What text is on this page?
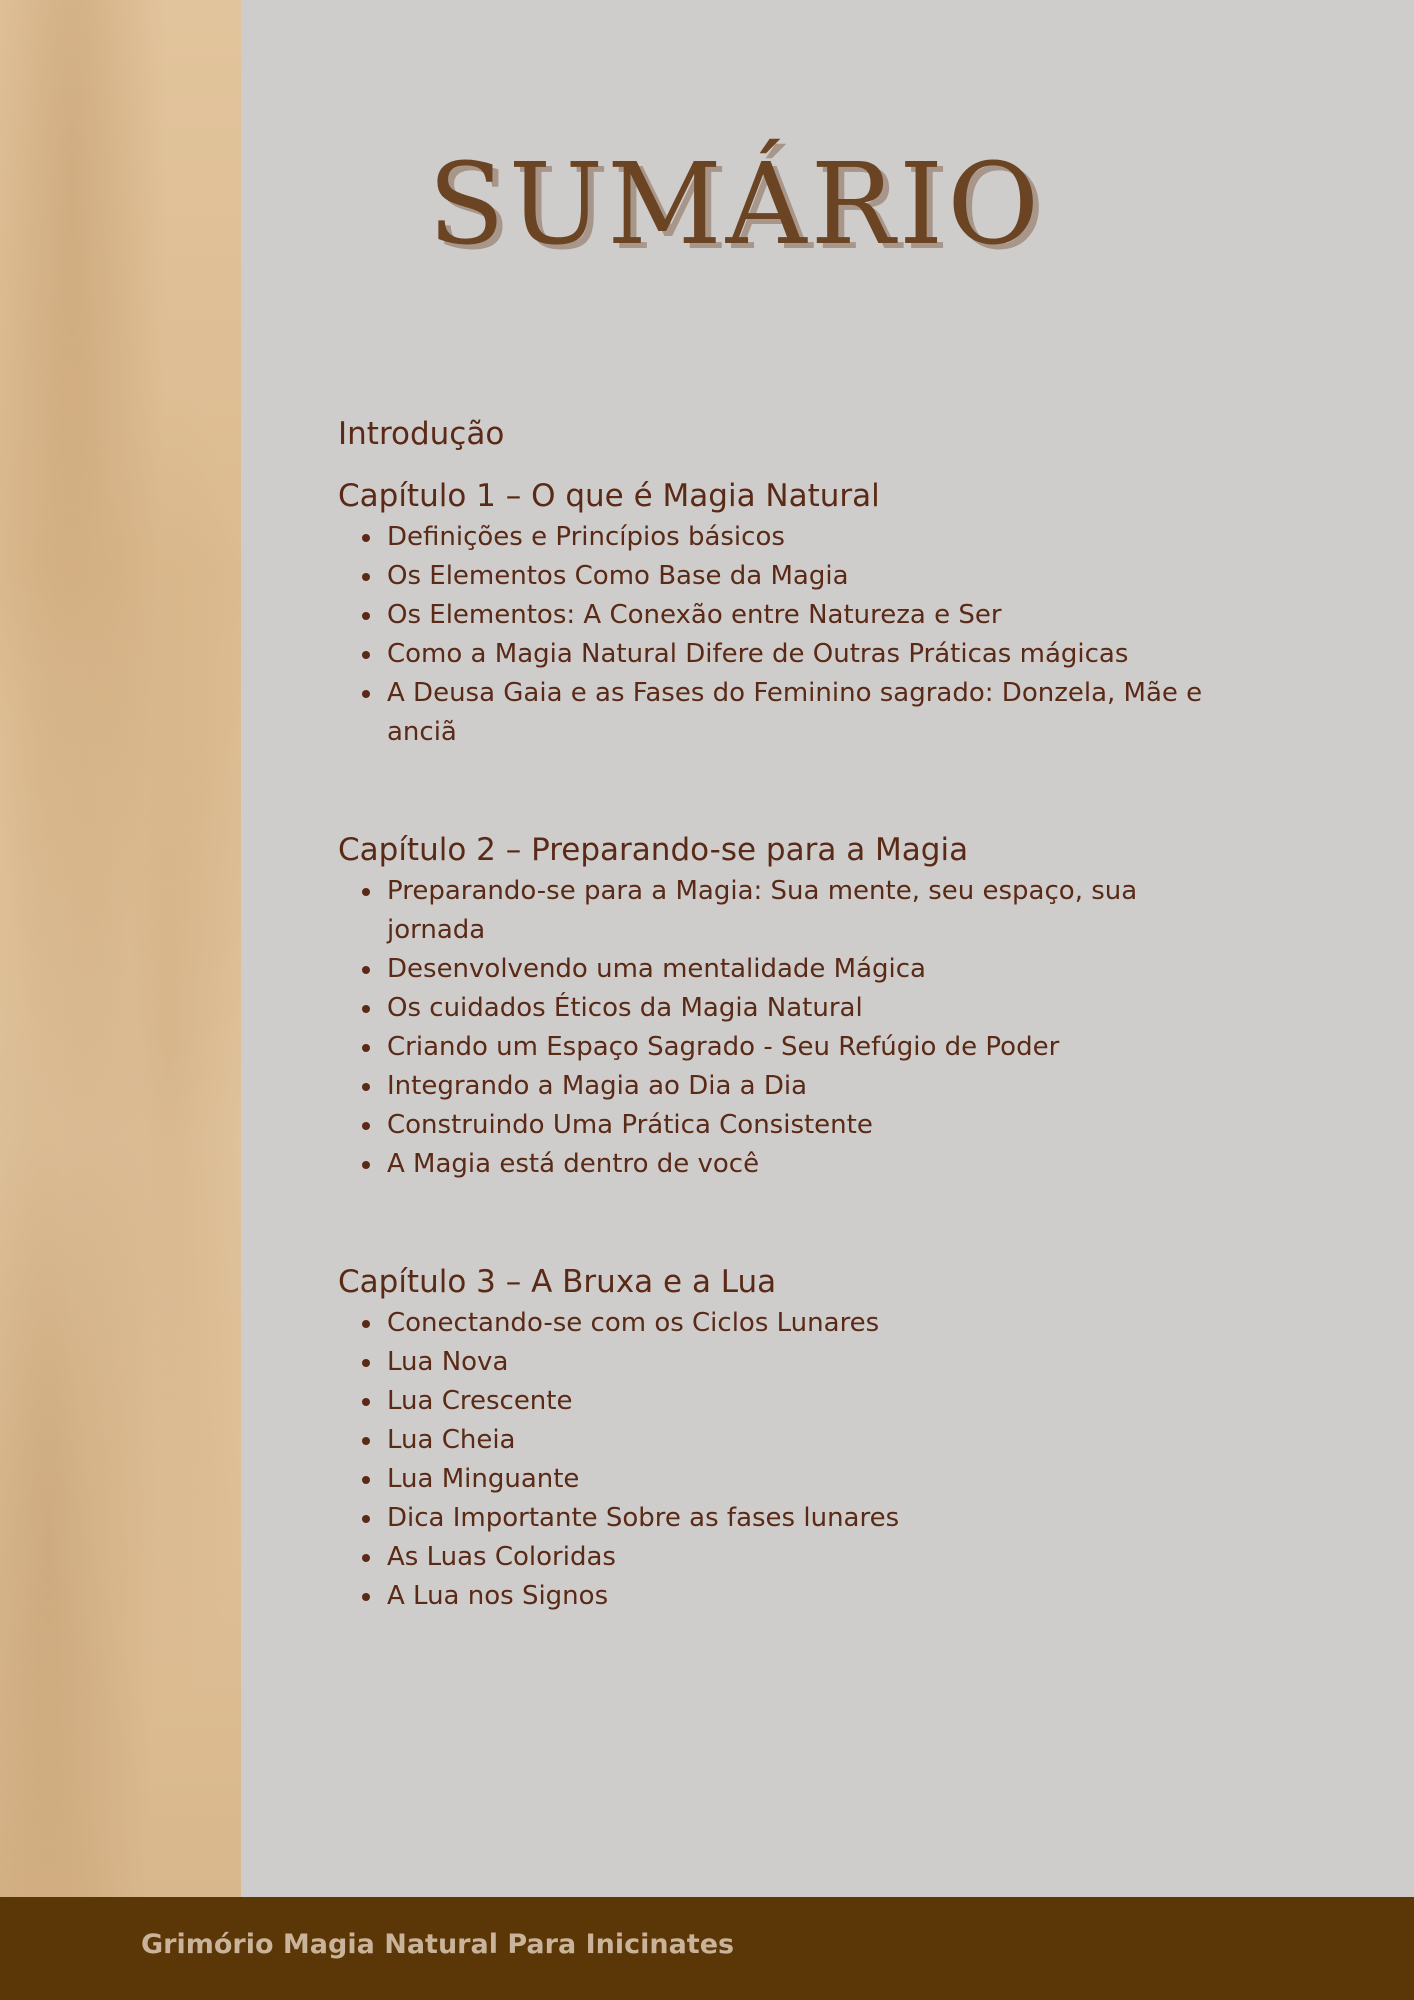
SUMÁRIO

Introdução

Capítulo 1 – O que é Magia Natural

Definições e Princípios básicos
Os Elementos Como Base da Magia
Os Elementos: A Conexão entre Natureza e Ser
Como a Magia Natural Difere de Outras Práticas mágicas
A Deusa Gaia e as Fases do Feminino sagrado: Donzela, Mãe e anciã

Capítulo 2 – Preparando-se para a Magia

Preparando-se para a Magia: Sua mente, seu espaço, sua jornada
Desenvolvendo uma mentalidade Mágica
Os cuidados Éticos da Magia Natural
Criando um Espaço Sagrado - Seu Refúgio de Poder
Integrando a Magia ao Dia a Dia
Construindo Uma Prática Consistente
A Magia está dentro de você

Capítulo 3 – A Bruxa e a Lua

Conectando-se com os Ciclos Lunares
Lua Nova
Lua Crescente
Lua Cheia
Lua Minguante
Dica Importante Sobre as fases lunares
As Luas Coloridas
A Lua nos Signos
Grimório Magia Natural Para Inicinates
